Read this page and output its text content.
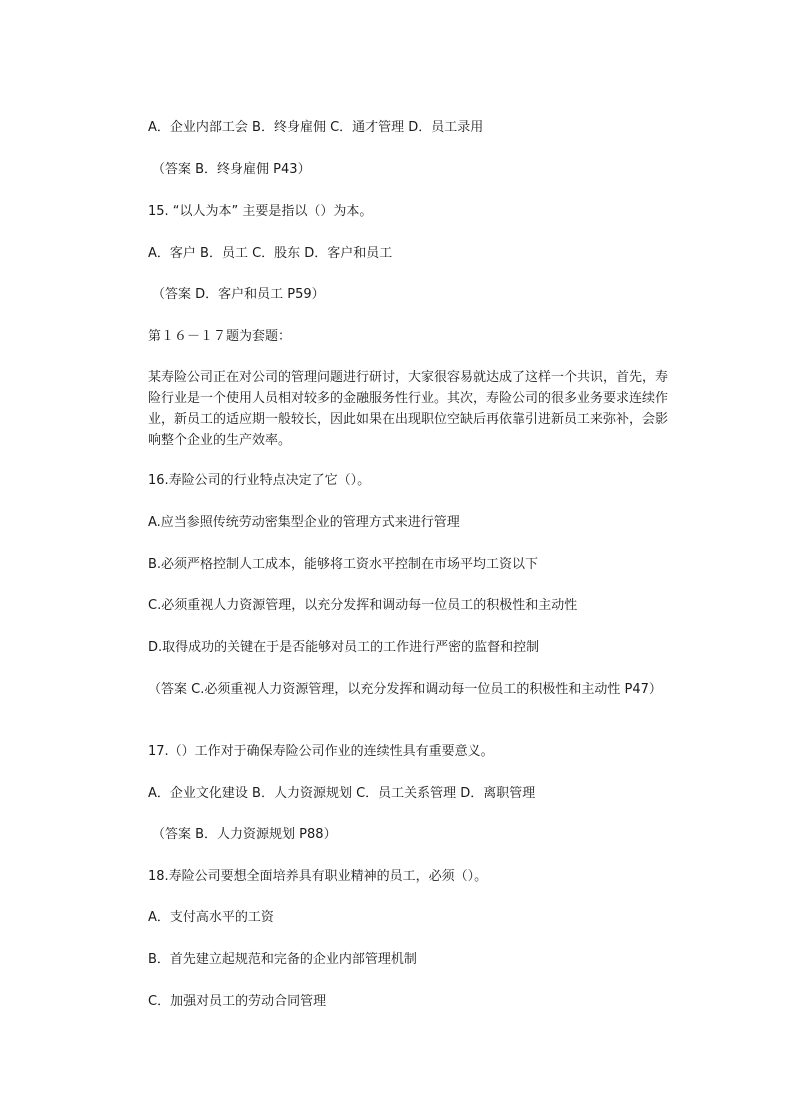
A．企业内部工会 B．终身雇佣 C．通才管理 D．员工录用
（答案 B．终身雇佣 P43）
15. “以人为本” 主要是指以（）为本。
A．客户 B．员工 C．股东 D．客户和员工
（答案 D．客户和员工 P59）
第１６－１７题为套题：
某寿险公司正在对公司的管理问题进行研讨，大家很容易就达成了这样一个共识，首先，寿险行业是一个使用人员相对较多的金融服务性行业。其次，寿险公司的很多业务要求连续作业，新员工的适应期一般较长，因此如果在出现职位空缺后再依靠引进新员工来弥补，会影响整个企业的生产效率。
16.寿险公司的行业特点决定了它（）。
A.应当参照传统劳动密集型企业的管理方式来进行管理
B.必须严格控制人工成本，能够将工资水平控制在市场平均工资以下
C.必须重视人力资源管理，以充分发挥和调动每一位员工的积极性和主动性
D.取得成功的关键在于是否能够对员工的工作进行严密的监督和控制
（答案 C.必须重视人力资源管理，以充分发挥和调动每一位员工的积极性和主动性 P47）
17.（）工作对于确保寿险公司作业的连续性具有重要意义。
A．企业文化建设 B．人力资源规划 C．员工关系管理 D．离职管理
（答案 B．人力资源规划 P88）
18.寿险公司要想全面培养具有职业精神的员工，必须（）。
A．支付高水平的工资
B．首先建立起规范和完备的企业内部管理机制
C．加强对员工的劳动合同管理
